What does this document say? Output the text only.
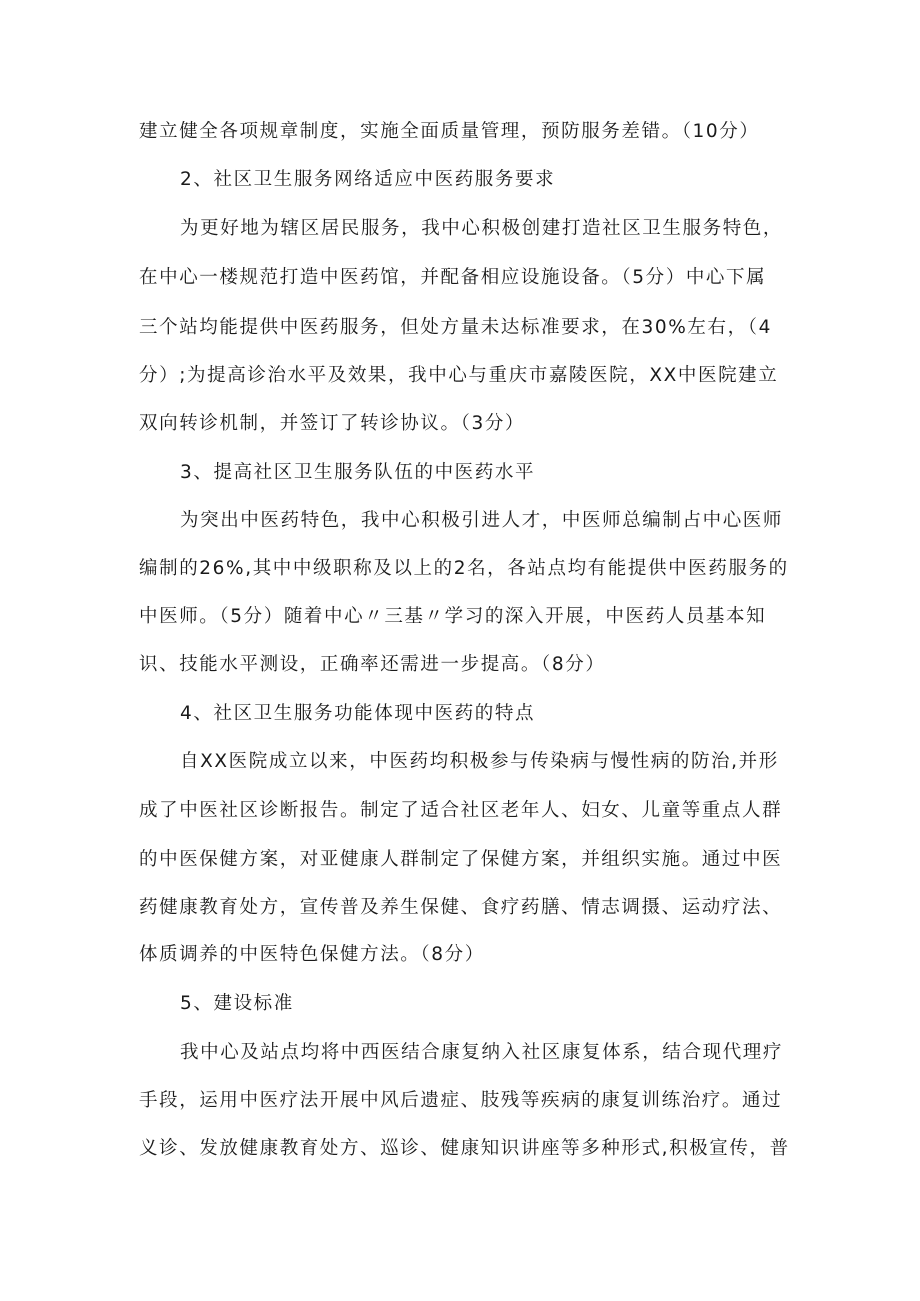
建立健全各项规章制度，实施全面质量管理，预防服务差错。（10分）
2、社区卫生服务网络适应中医药服务要求
为更好地为辖区居民服务，我中心积极创建打造社区卫生服务特色，
在中心一楼规范打造中医药馆，并配备相应设施设备。（5分）中心下属
三个站均能提供中医药服务，但处方量未达标准要求，在30%左右，（4
分）;为提高诊治水平及效果，我中心与重庆市嘉陵医院，XX中医院建立
双向转诊机制，并签订了转诊协议。（3分）
3、提高社区卫生服务队伍的中医药水平
为突出中医药特色，我中心积极引进人才，中医师总编制占中心医师
编制的26%,其中中级职称及以上的2名，各站点均有能提供中医药服务的
中医师。（5分）随着中心〃三基〃学习的深入开展，中医药人员基本知
识、技能水平测设，正确率还需进一步提高。（8分）
4、社区卫生服务功能体现中医药的特点
自XX医院成立以来，中医药均积极参与传染病与慢性病的防治,并形
成了中医社区诊断报告。制定了适合社区老年人、妇女、儿童等重点人群
的中医保健方案，对亚健康人群制定了保健方案，并组织实施。通过中医
药健康教育处方，宣传普及养生保健、食疗药膳、情志调摄、运动疗法、
体质调养的中医特色保健方法。（8分）
5、建设标准
我中心及站点均将中西医结合康复纳入社区康复体系，结合现代理疗
手段，运用中医疗法开展中风后遗症、肢残等疾病的康复训练治疗。通过
义诊、发放健康教育处方、巡诊、健康知识讲座等多种形式,积极宣传，普
